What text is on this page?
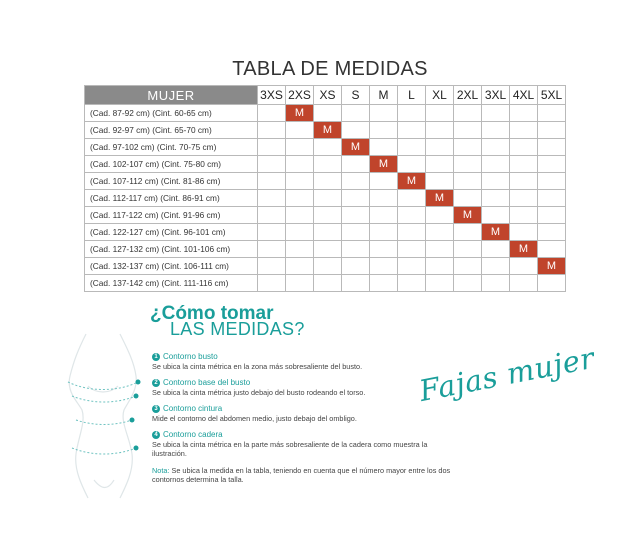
TABLA DE MEDIDAS
MUJER	3XS	2XS	XS	S	M	L	XL	2XL	3XL	4XL	5XL
(Cad. 87-92 cm) (Cint. 60-65 cm)		M									
(Cad. 92-97 cm) (Cint. 65-70 cm)			M								
(Cad. 97-102 cm) (Cint. 70-75 cm)				M							
(Cad. 102-107 cm) (Cint. 75-80 cm)					M						
(Cad. 107-112 cm) (Cint. 81-86 cm)						M					
(Cad. 112-117 cm) (Cint. 86-91 cm)							M				
(Cad. 117-122 cm) (Cint. 91-96 cm)								M			
(Cad. 122-127 cm) (Cint. 96-101 cm)									M		
(Cad. 127-132 cm) (Cint. 101-106 cm)										M	
(Cad. 132-137 cm) (Cint. 106-111 cm)											M
(Cad. 137-142 cm) (Cint. 111-116 cm)											
¿Cómo tomar
LAS MEDIDAS?
1 Contorno busto
Se ubica la cinta métrica en la zona más sobresaliente del busto.
2 Contorno base del busto
Se ubica la cinta métrica justo debajo del busto rodeando el torso.
3 Contorno cintura
Mide el contorno del abdomen medio, justo debajo del ombligo.
4 Contorno cadera
Se ubica la cinta métrica en la parte más sobresaliente de la cadera como muestra la ilustración.
Nota: Se ubica la medida en la tabla, teniendo en cuenta que el número mayor entre los dos contornos determina la talla.
Fajas mujer
